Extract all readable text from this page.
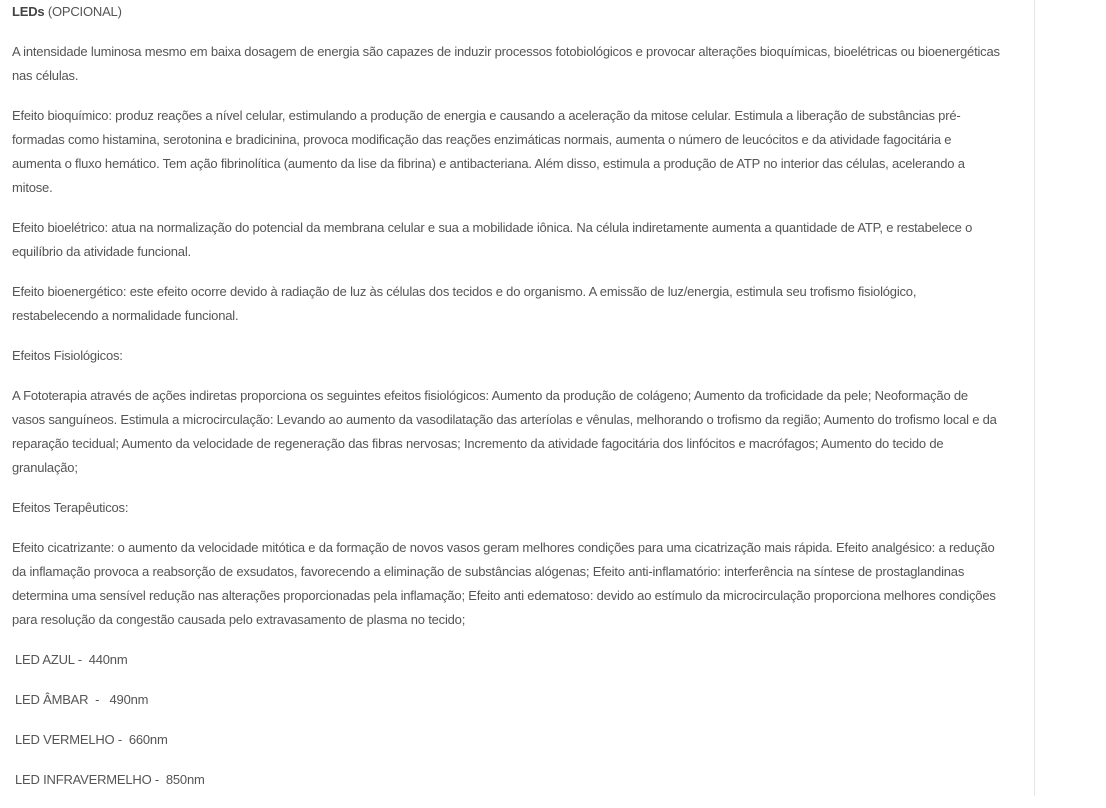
LEDs (OPCIONAL)

A intensidade luminosa mesmo em baixa dosagem de energia são capazes de induzir processos fotobiológicos e provocar alterações bioquímicas, bioelétricas ou bioenergéticas nas células.

Efeito bioquímico: produz reações a nível celular, estimulando a produção de energia e causando a aceleração da mitose celular. Estimula a liberação de substâncias pré-formadas como histamina, serotonina e bradicinina, provoca modificação das reações enzimáticas normais, aumenta o número de leucócitos e da atividade fagocitária e aumenta o fluxo hemático. Tem ação fibrinolítica (aumento da lise da fibrina) e antibacteriana. Além disso, estimula a produção de ATP no interior das células, acelerando a mitose.

Efeito bioelétrico: atua na normalização do potencial da membrana celular e sua a mobilidade iônica. Na célula indiretamente aumenta a quantidade de ATP, e restabelece o equilíbrio da atividade funcional.

Efeito bioenergético: este efeito ocorre devido à radiação de luz às células dos tecidos e do organismo. A emissão de luz/energia, estimula seu trofismo fisiológico, restabelecendo a normalidade funcional.

Efeitos Fisiológicos:

A Fototerapia através de ações indiretas proporciona os seguintes efeitos fisiológicos: Aumento da produção de colágeno; Aumento da troficidade da pele; Neoformação de vasos sanguíneos. Estimula a microcirculação: Levando ao aumento da vasodilatação das arteríolas e vênulas, melhorando o trofismo da região; Aumento do trofismo local e da reparação tecidual; Aumento da velocidade de regeneração das fibras nervosas; Incremento da atividade fagocitária dos linfócitos e macrófagos; Aumento do tecido de granulação;

Efeitos Terapêuticos:

Efeito cicatrizante: o aumento da velocidade mitótica e da formação de novos vasos geram melhores condições para uma cicatrização mais rápida. Efeito analgésico: a redução da inflamação provoca a reabsorção de exsudatos, favorecendo a eliminação de substâncias alógenas; Efeito anti-inflamatório: interferência na síntese de prostaglandinas determina uma sensível redução nas alterações proporcionadas pela inflamação; Efeito anti edematoso: devido ao estímulo da microcirculação proporciona melhores condições para resolução da congestão causada pelo extravasamento de plasma no tecido;

LED AZUL -  440nm

LED ÂMBAR  -   490nm

LED VERMELHO -  660nm

LED INFRAVERMELHO -  850nm
